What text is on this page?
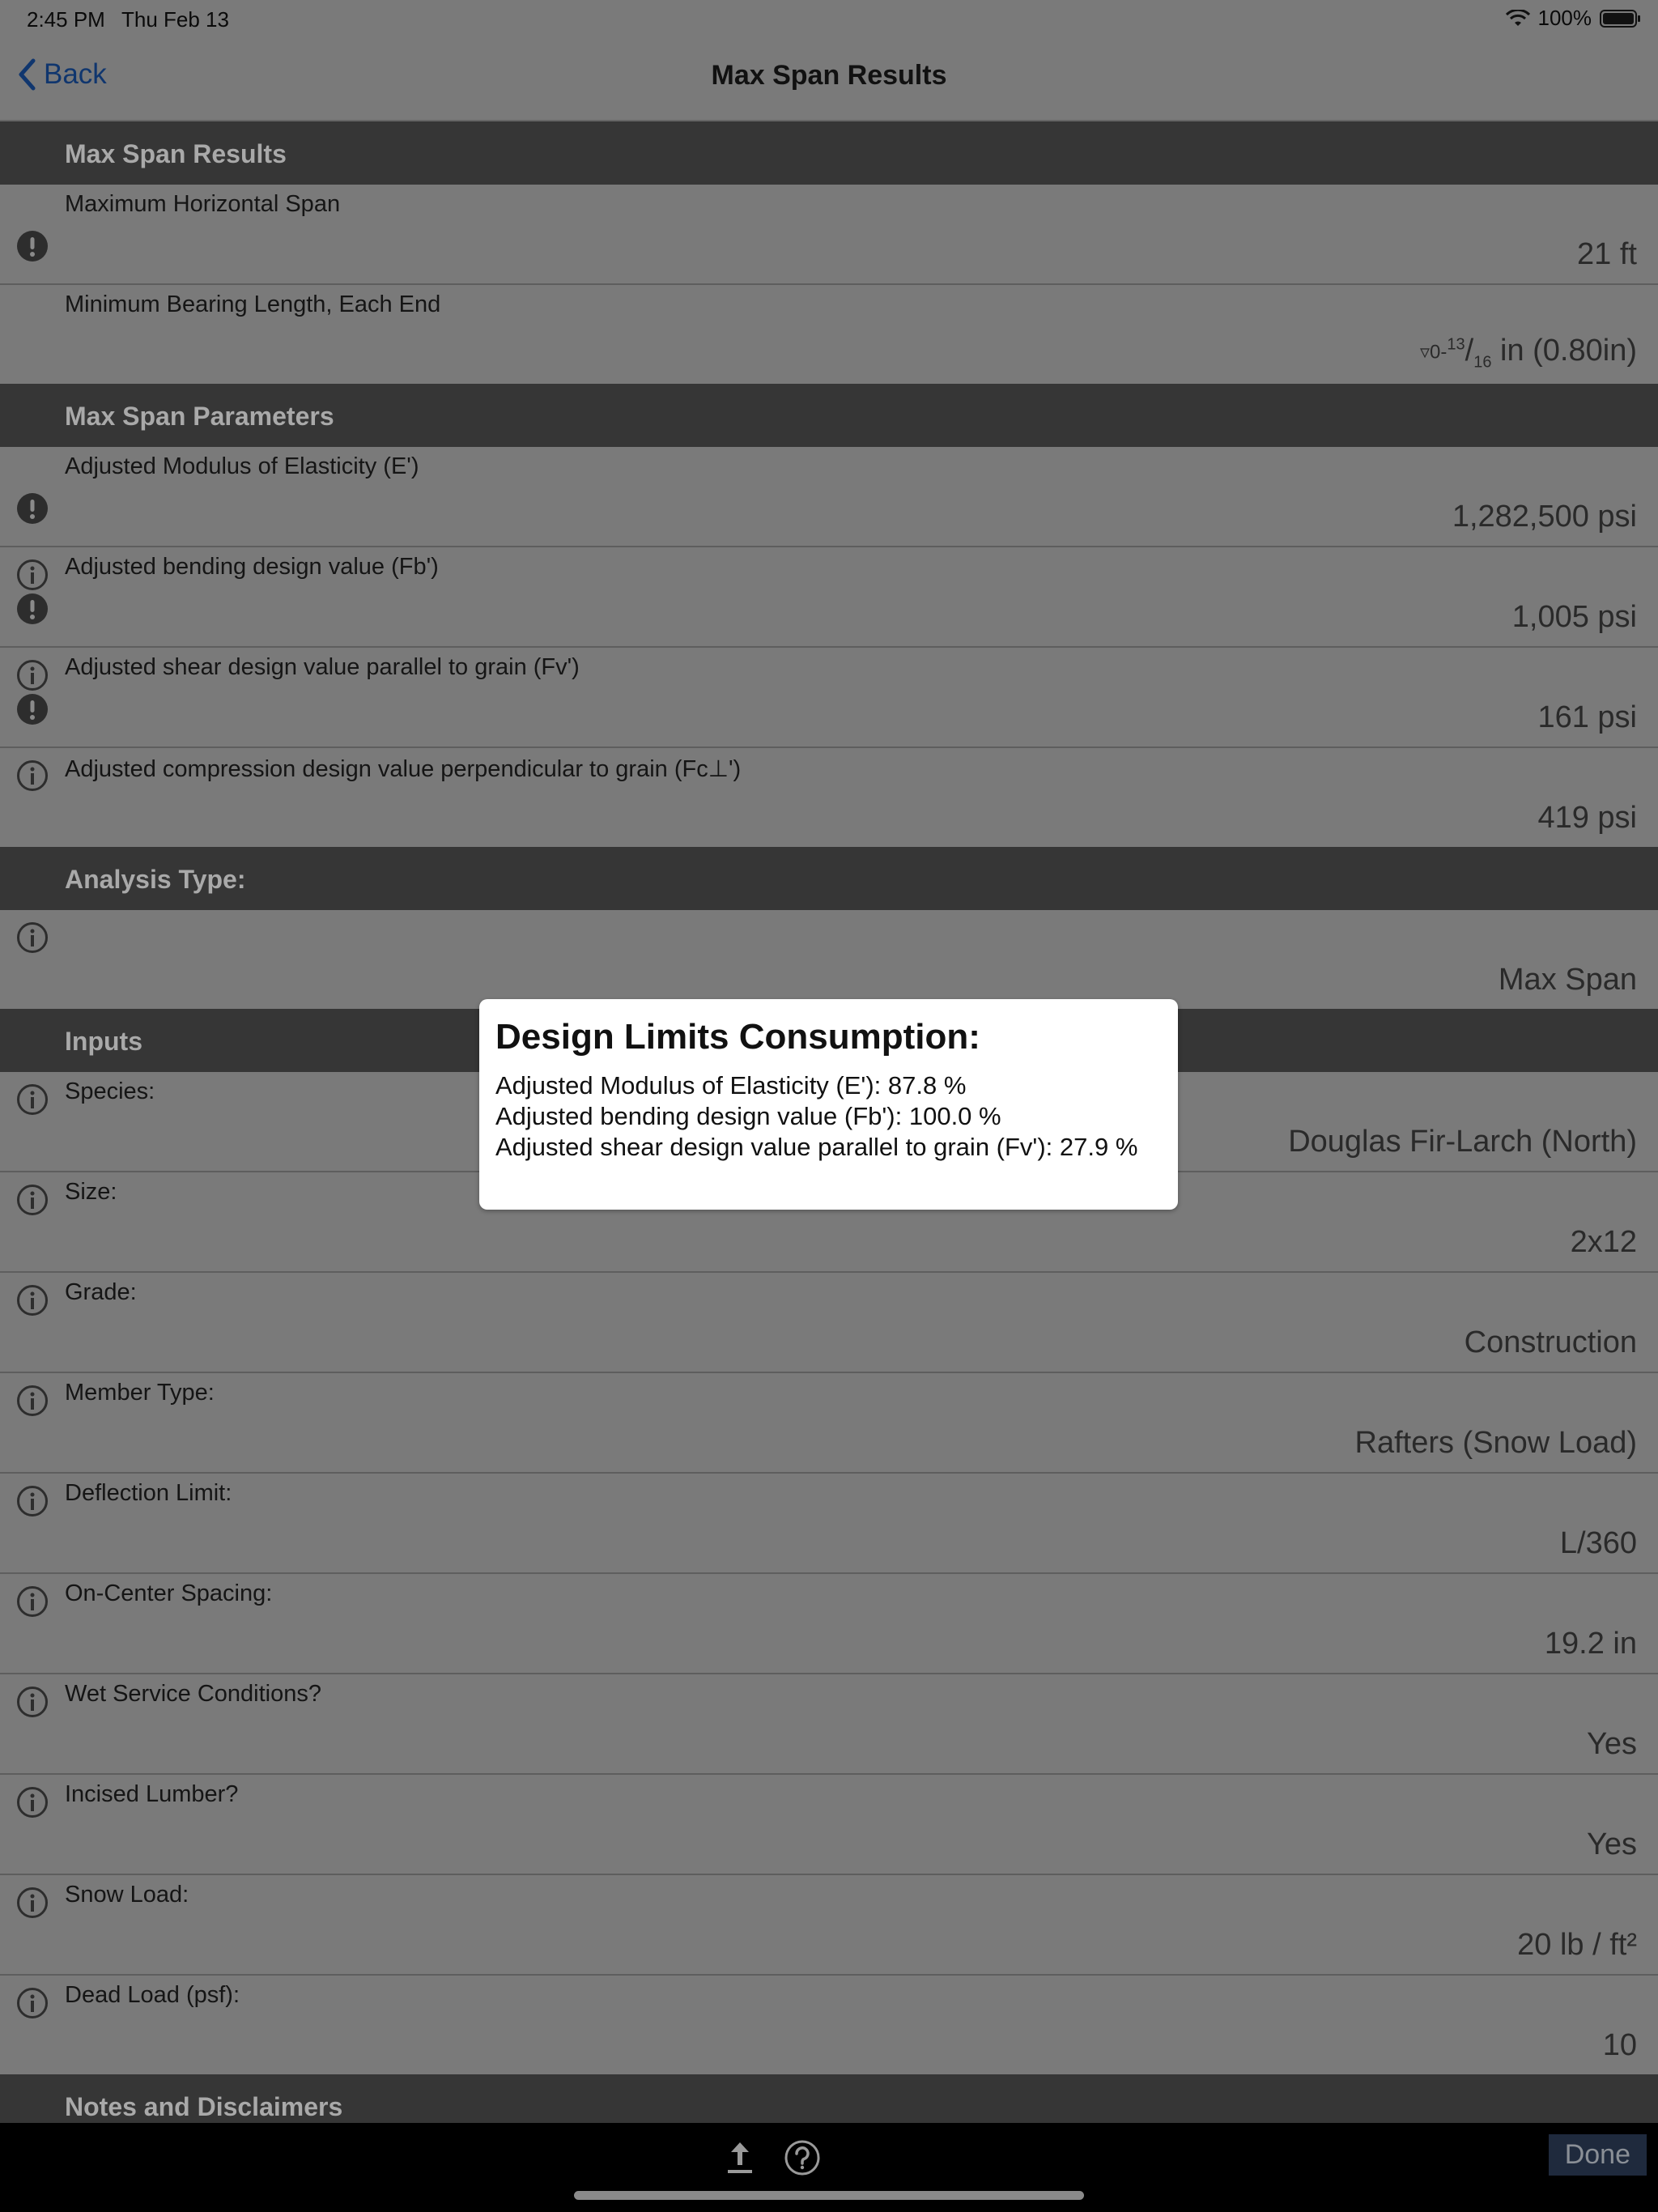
2:45 PM Thu Feb 13	100%
Back	Max Span Results
Max Span Results
Maximum Horizontal Span
21 ft
Minimum Bearing Length, Each End
$▿0-^{13}/_{16}$ in (0.80in)
Max Span Parameters
Adjusted Modulus of Elasticity (E')
1,282,500 psi
Adjusted bending design value (Fb')
1,005 psi
Adjusted shear design value parallel to grain (Fv')
161 psi
Adjusted compression design value perpendicular to grain (Fc⊥')
419 psi
Analysis Type:
Max Span
Inputs
Species:
Douglas Fir-Larch (North)
Size:
2x12
Grade:
Construction
Member Type:
Rafters (Snow Load)
Deflection Limit:
L/360
On-Center Spacing:
19.2 in
Wet Service Conditions?
Yes
Incised Lumber?
Yes
Snow Load:
20 lb / ft²
Dead Load (psf):
10
Notes and Disclaimers
Design Limits Consumption:
Adjusted Modulus of Elasticity (E'): 87.8 %
Adjusted bending design value (Fb'): 100.0 %
Adjusted shear design value parallel to grain (Fv'): 27.9 %
Done
